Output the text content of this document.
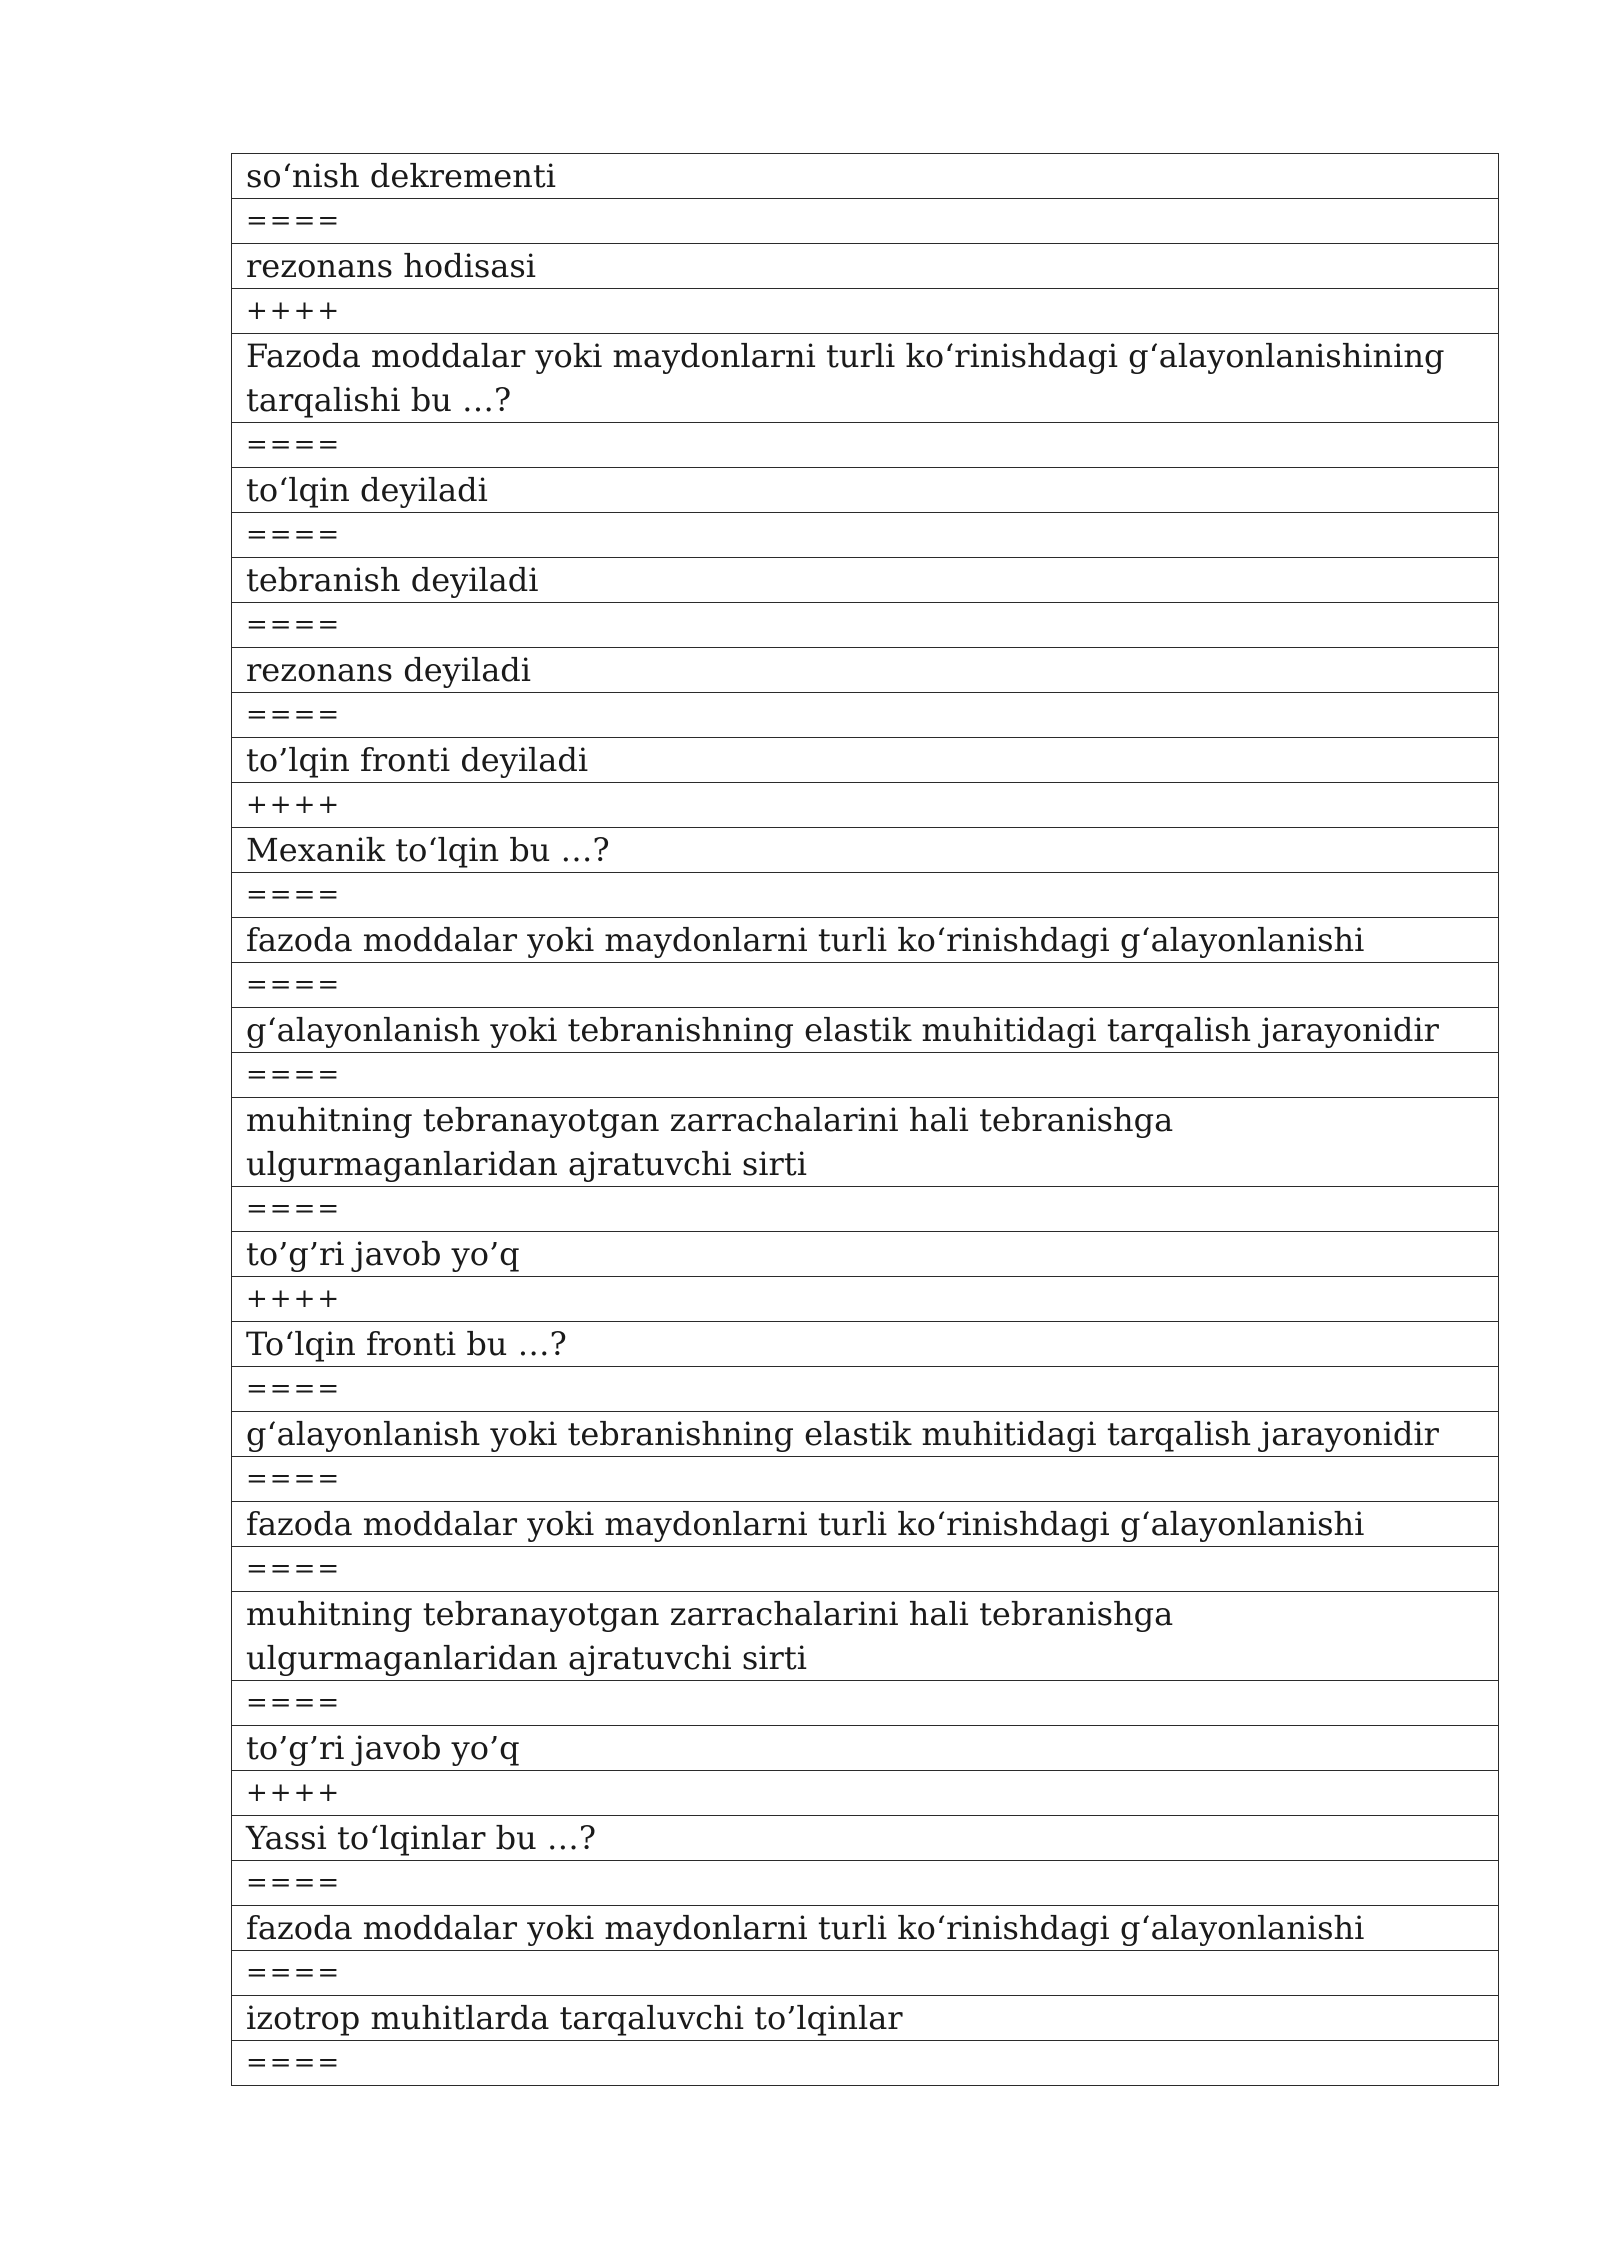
so‘nish dekrementi
====
rezonans hodisasi
++++
Fazoda moddalar yoki maydonlarni turli ko‘rinishdagi g‘alayonlanishining tarqalishi bu …?
====
to‘lqin deyiladi
====
tebranish deyiladi
====
rezonans deyiladi
====
to’lqin fronti deyiladi
++++
Mexanik to‘lqin bu …?
====
fazoda moddalar yoki maydonlarni turli ko‘rinishdagi g‘alayonlanishi
====
g‘alayonlanish yoki tebranishning elastik muhitidagi tarqalish jarayonidir
====
muhitning tebranayotgan zarrachalarini hali tebranishga ulgurmaganlaridan ajratuvchi sirti
====
to’g’ri javob yo’q
++++
To‘lqin fronti bu …?
====
g‘alayonlanish yoki tebranishning elastik muhitidagi tarqalish jarayonidir
====
fazoda moddalar yoki maydonlarni turli ko‘rinishdagi g‘alayonlanishi
====
muhitning tebranayotgan zarrachalarini hali tebranishga ulgurmaganlaridan ajratuvchi sirti
====
to’g’ri javob yo’q
++++
Yassi to‘lqinlar bu …?
====
fazoda moddalar yoki maydonlarni turli ko‘rinishdagi g‘alayonlanishi
====
izotrop muhitlarda tarqaluvchi to’lqinlar
====
